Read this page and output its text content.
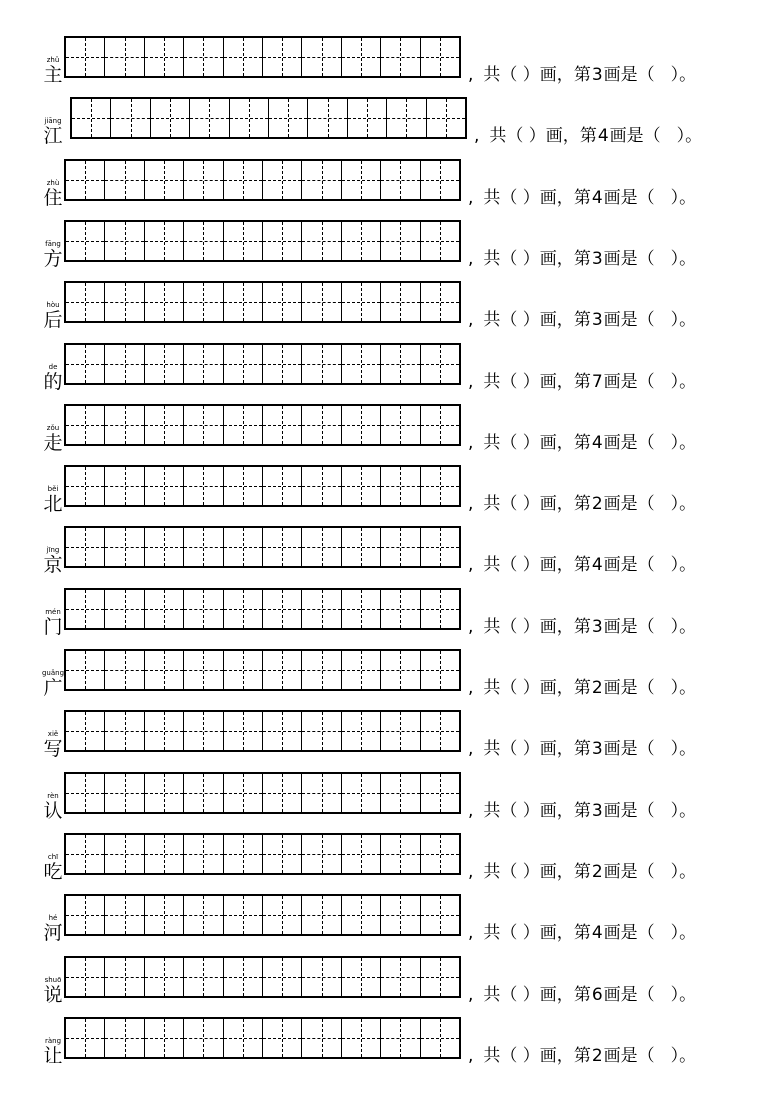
zhǔ
主	, 共（ ）画，第3画是（ ）。
jiāng
江	, 共（ ）画，第4画是（ ）。
zhù
住	, 共（ ）画，第4画是（ ）。
fāng
方	, 共（ ）画，第3画是（ ）。
hòu
后	, 共（ ）画，第3画是（ ）。
de
的	, 共（ ）画，第7画是（ ）。
zǒu
走	, 共（ ）画，第4画是（ ）。
běi
北	, 共（ ）画，第2画是（ ）。
jīng
京	, 共（ ）画，第4画是（ ）。
mén
门	, 共（ ）画，第3画是（ ）。
guǎng
广	, 共（ ）画，第2画是（ ）。
xiě
写	, 共（ ）画，第3画是（ ）。
rèn
认	, 共（ ）画，第3画是（ ）。
chī
吃	, 共（ ）画，第2画是（ ）。
hé
河	, 共（ ）画，第4画是（ ）。
shuō
说	, 共（ ）画，第6画是（ ）。
ràng
让	, 共（ ）画，第2画是（ ）。
